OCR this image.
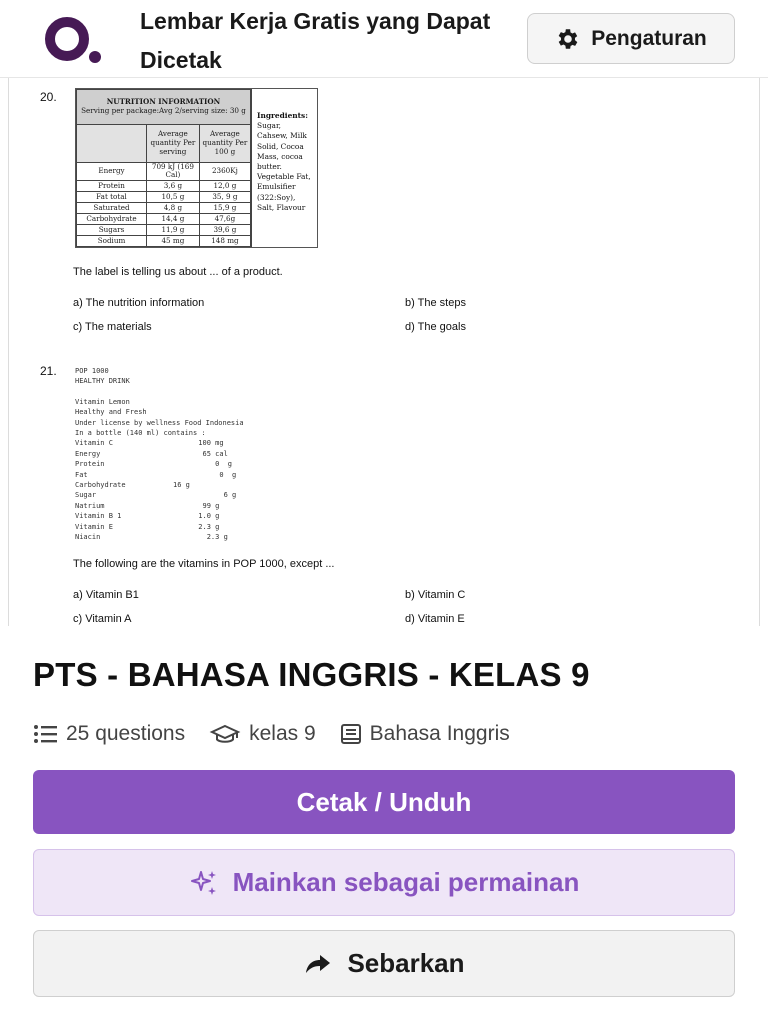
Lembar Kerja Gratis yang Dapat Dicetak
Pengaturan
20.	NUTRITION INFORMATION
Serving per package:Avg 2/serving size: 30 g		
	Average quantity Per serving	Average quantity Per 100 g
Energy	709 kJ (169 Cal)	2360Kj
Protein	3,6 g	12,0 g
Fat total	10,5 g	35, 9 g
Saturated	4,8 g	15,9 g
Carbohydrate	14,4 g	47,6g
Sugars	11,9 g	39,6 g
Sodium	45 mg	148 mg
Ingredients:
Sugar, Cahsew, Milk Solid, Cocoa Mass, cocoa butter. Vegetable Fat, Emulsifier (322:Soy), Salt, Flavour
The label is telling us about ... of a product.
a) The nutrition information	b) The steps
c) The materials	d) The goals
21.	POP 1000
HEALTHY DRINK
Vitamin Lemon
Healthy and Fresh
Under license by wellness Food Indonesia
In a bottle (140 ml) contains :
Vitamin C	100 mg
Energy	65 cal
Protein	0  g
Fat	0  g
Carbohydrate	16 g
Sugar	6 g
Natrium	99 g
Vitamin B 1	1.0 g
Vitamin E	2.3 g
Niacin	2.3 g
The following are the vitamins in POP 1000, except ...
a) Vitamin B1	b) Vitamin C
c) Vitamin A	d) Vitamin E
PTS - BAHASA INGGRIS - KELAS 9
25 questions	kelas 9	Bahasa Inggris
Cetak / Unduh
Mainkan sebagai permainan
Sebarkan
